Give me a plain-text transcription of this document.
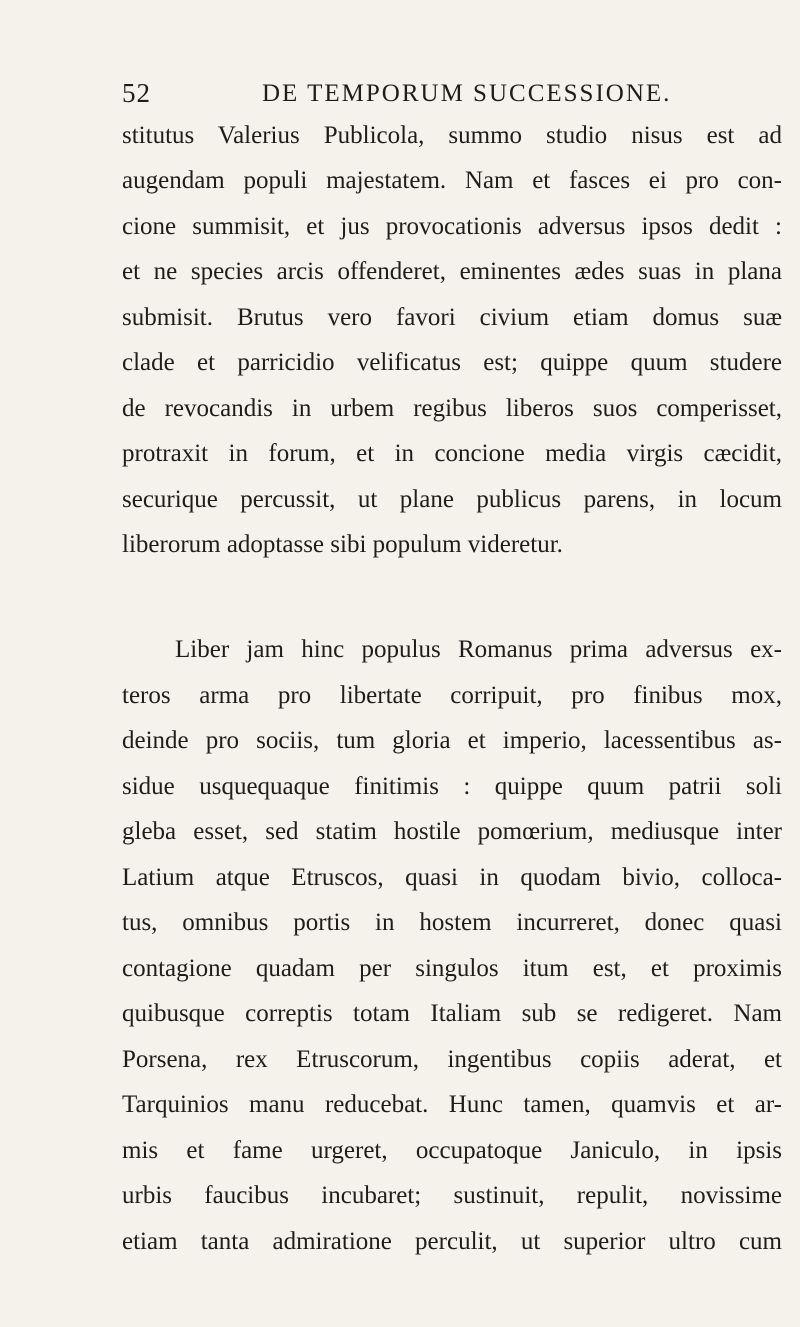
52	DE TEMPORUM SUCCESSIONE.
stitutus Valerius Publicola, summo studio nisus est ad
augendam populi majestatem. Nam et fasces ei pro con-
cione summisit, et jus provocationis adversus ipsos dedit :
et ne species arcis offenderet, eminentes ædes suas in plana
submisit. Brutus vero favori civium etiam domus suæ
clade et parricidio velificatus est; quippe quum studere
de revocandis in urbem regibus liberos suos comperisset,
protraxit in forum, et in concione media virgis cæcidit,
securique percussit, ut plane publicus parens, in locum
liberorum adoptasse sibi populum videretur.
Liber jam hinc populus Romanus prima adversus ex-
teros arma pro libertate corripuit, pro finibus mox,
deinde pro sociis, tum gloria et imperio, lacessentibus as-
sidue usquequaque finitimis : quippe quum patrii soli
gleba esset, sed statim hostile pomœrium, mediusque inter
Latium atque Etruscos, quasi in quodam bivio, colloca-
tus, omnibus portis in hostem incurreret, donec quasi
contagione quadam per singulos itum est, et proximis
quibusque correptis totam Italiam sub se redigeret. Nam
Porsena, rex Etruscorum, ingentibus copiis aderat, et
Tarquinios manu reducebat. Hunc tamen, quamvis et ar-
mis et fame urgeret, occupatoque Janiculo, in ipsis
urbis faucibus incubaret; sustinuit, repulit, novissime
etiam tanta admiratione perculit, ut superior ultro cum
